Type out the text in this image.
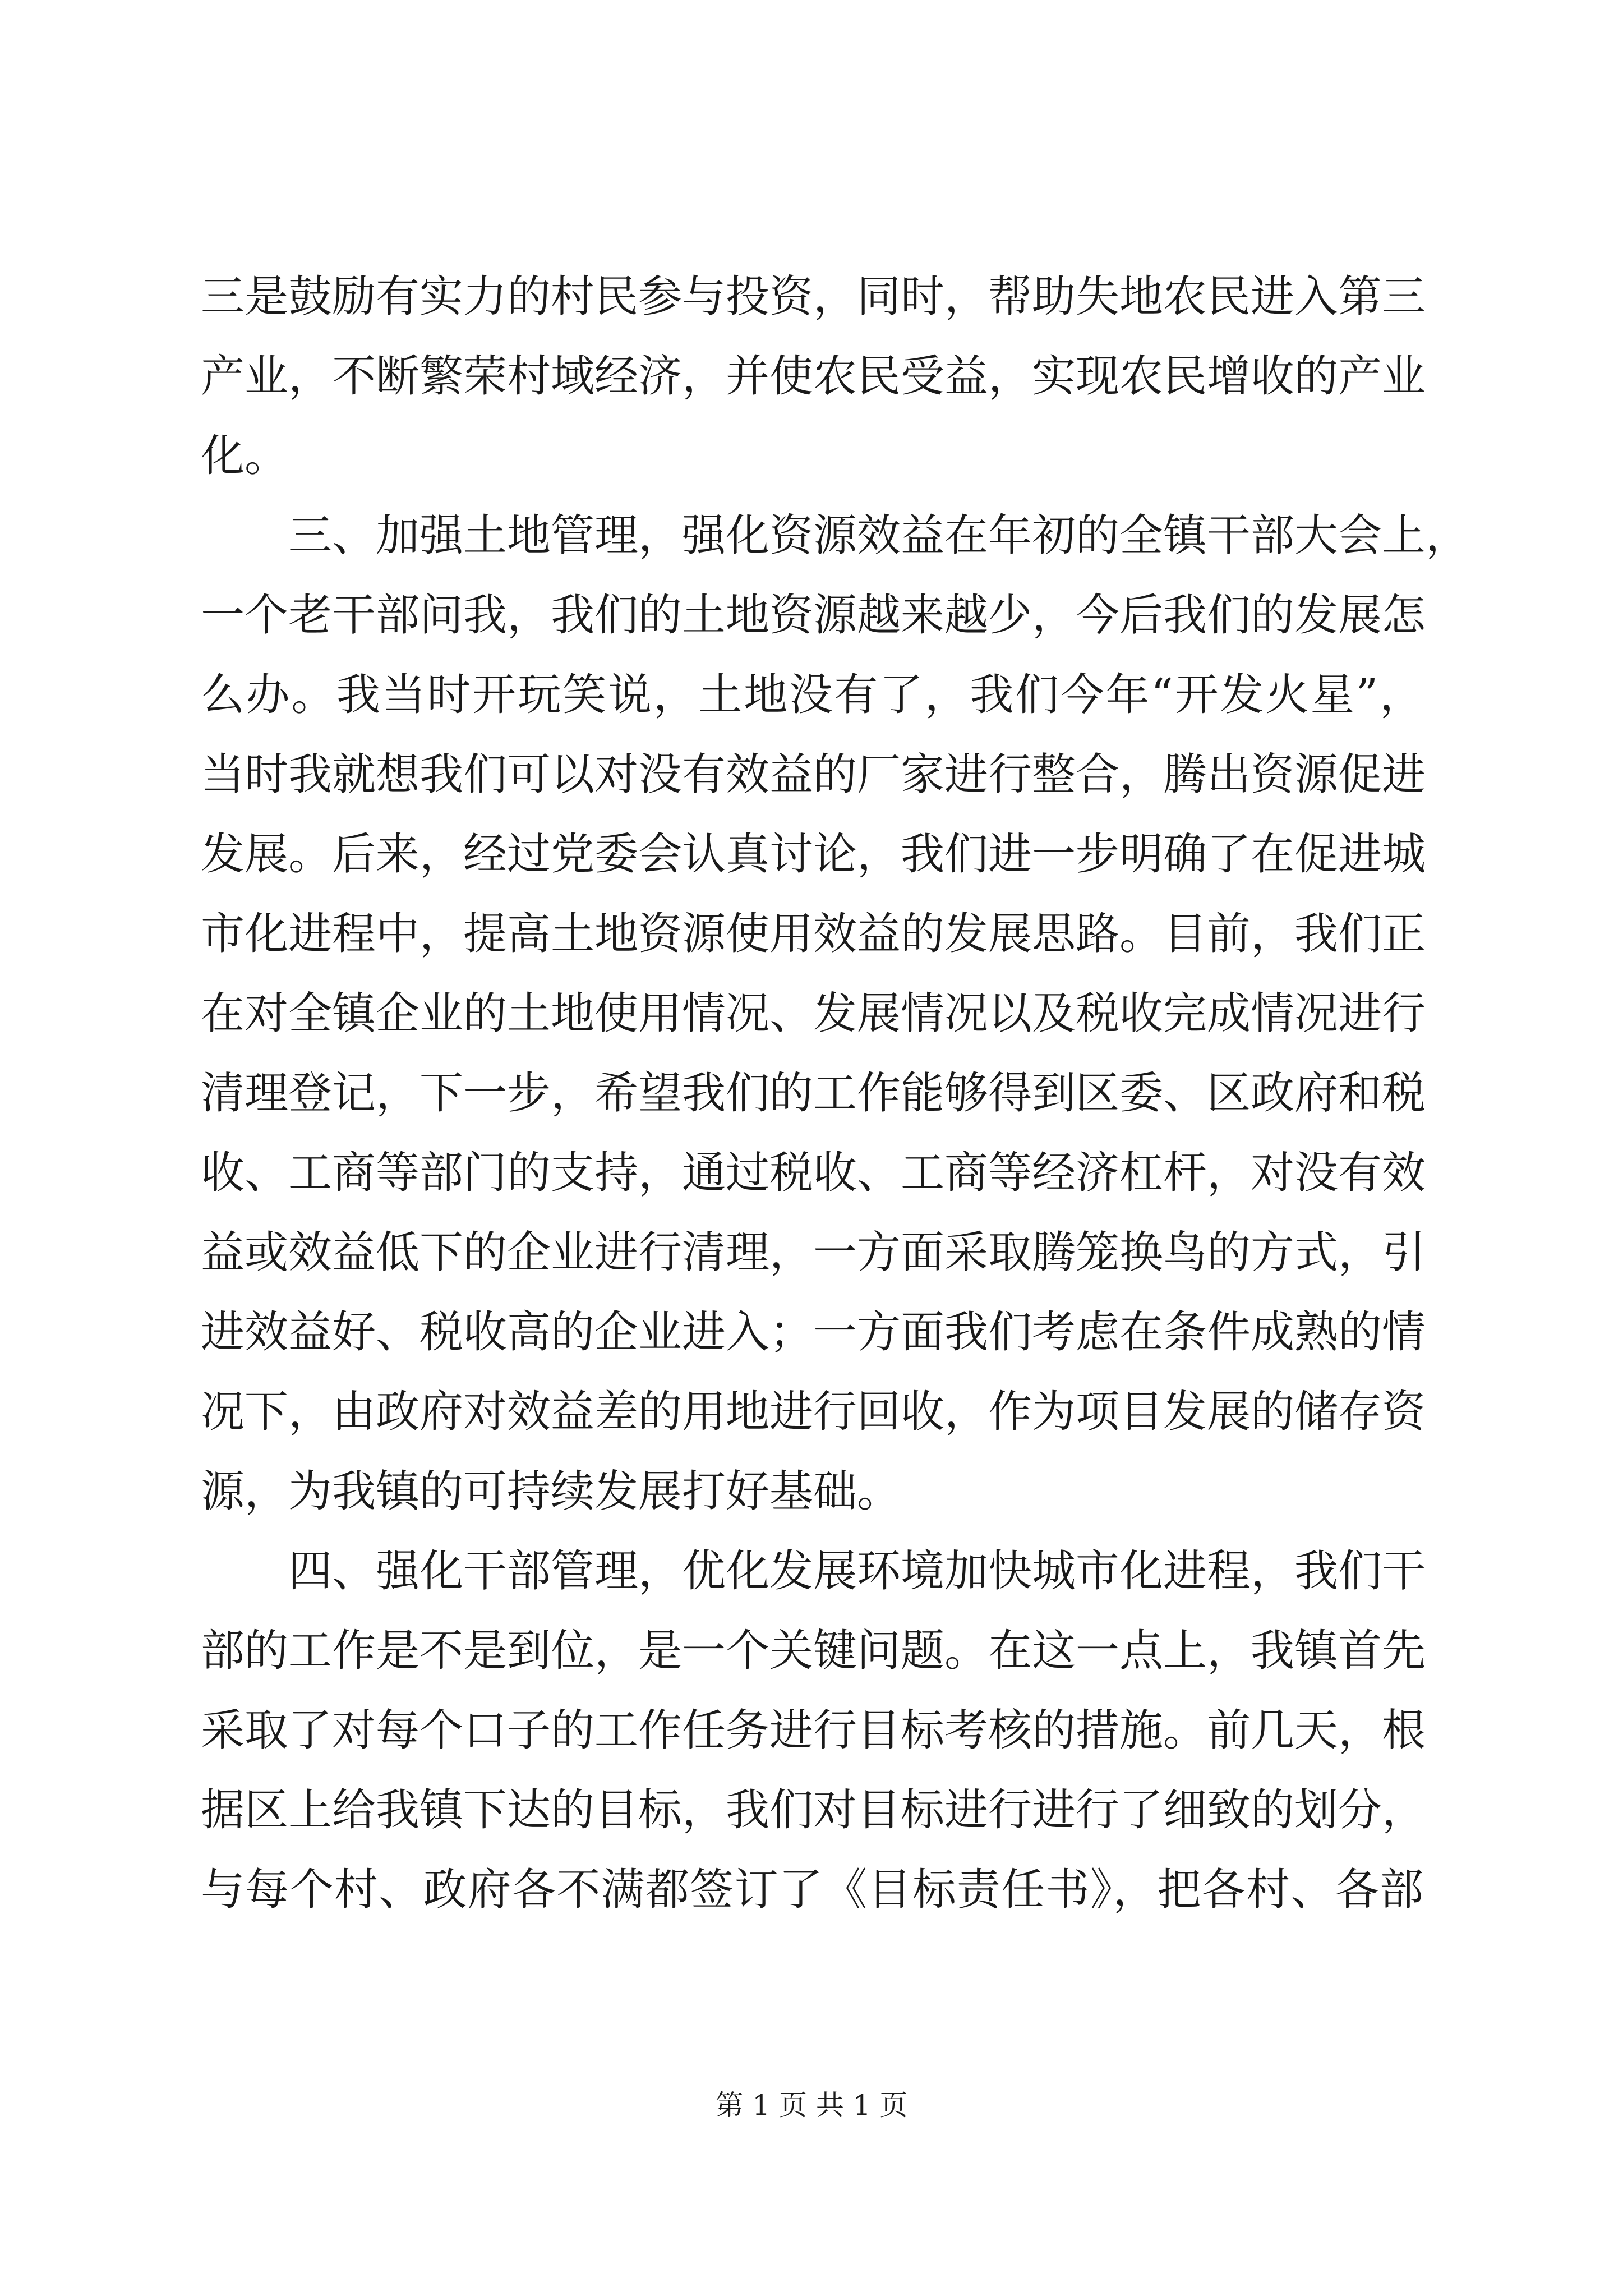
三是鼓励有实力的村民参与投资，同时，帮助失地农民进入第三
产业，不断繁荣村域经济，并使农民受益，实现农民增收的产业
化。
　　三、加强土地管理，强化资源效益在年初的全镇干部大会上，
一个老干部问我，我们的土地资源越来越少，今后我们的发展怎
么办。我当时开玩笑说，土地没有了，我们今年“开发火星”，
当时我就想我们可以对没有效益的厂家进行整合，腾出资源促进
发展。后来，经过党委会认真讨论，我们进一步明确了在促进城
市化进程中，提高土地资源使用效益的发展思路。目前，我们正
在对全镇企业的土地使用情况、发展情况以及税收完成情况进行
清理登记，下一步，希望我们的工作能够得到区委、区政府和税
收、工商等部门的支持，通过税收、工商等经济杠杆，对没有效
益或效益低下的企业进行清理，一方面采取腾笼换鸟的方式，引
进效益好、税收高的企业进入；一方面我们考虑在条件成熟的情
况下，由政府对效益差的用地进行回收，作为项目发展的储存资
源，为我镇的可持续发展打好基础。
　　四、强化干部管理，优化发展环境加快城市化进程，我们干
部的工作是不是到位，是一个关键问题。在这一点上，我镇首先
采取了对每个口子的工作任务进行目标考核的措施。前几天，根
据区上给我镇下达的目标，我们对目标进行进行了细致的划分，
与每个村、政府各不满都签订了《目标责任书》，把各村、各部
第 1 页 共 1 页
